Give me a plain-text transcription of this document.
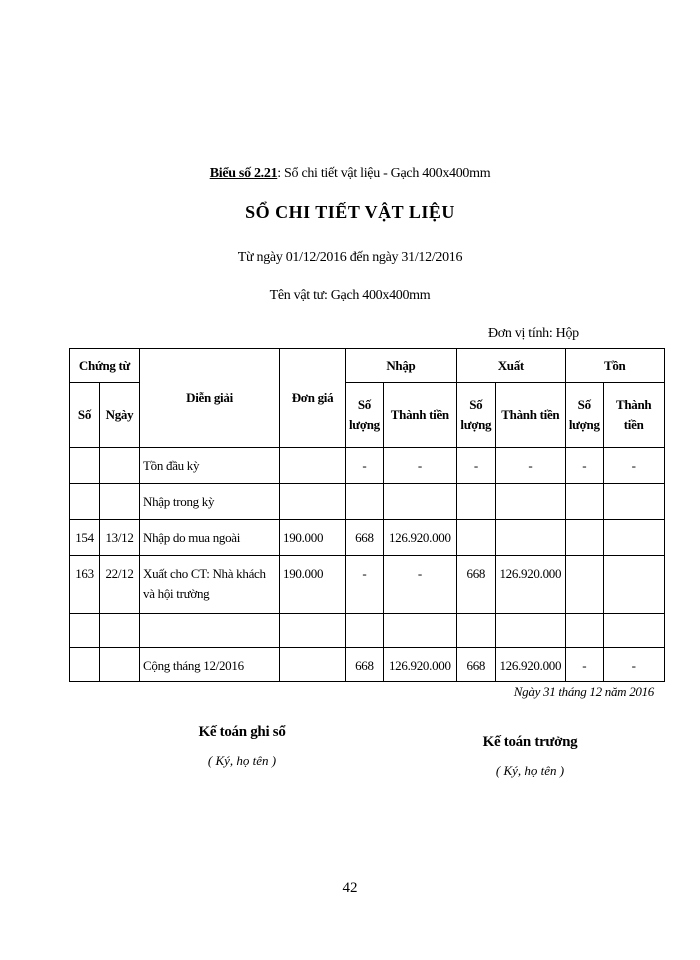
Biểu số 2.21: Sổ chi tiết vật liệu - Gạch 400x400mm
SỔ CHI TIẾT VẬT LIỆU
Từ ngày 01/12/2016 đến ngày 31/12/2016
Tên vật tư: Gạch 400x400mm
Đơn vị tính: Hộp
Chứng từ		Diễn giải	Đơn giá	Nhập		Xuất		Tồn	
Số	Ngày			Số lượng	Thành tiền	Số lượng	Thành tiền	Số lượng	Thành tiền
		Tồn đầu kỳ		-	-	-	-	-	-
		Nhập trong kỳ							
154	13/12	Nhập do mua ngoài	190.000	668	126.920.000				
163	22/12	Xuất cho CT: Nhà khách và hội trường	190.000	-	-	668	126.920.000		

		Cộng tháng 12/2016		668	126.920.000	668	126.920.000	-	-
Ngày 31 tháng 12 năm 2016
Kế toán ghi sổ
( Ký, họ tên )
Kế toán trưởng
( Ký, họ tên )
42
